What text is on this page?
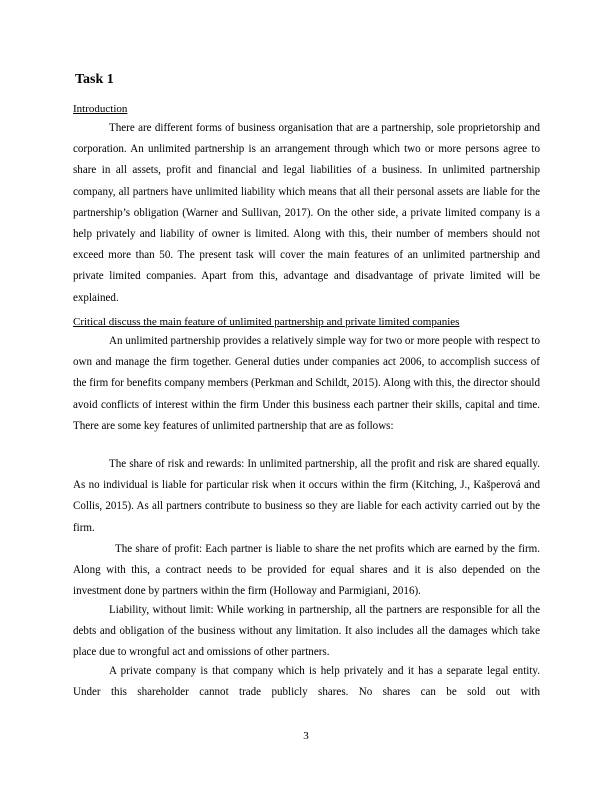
Task 1

Introduction

There are different forms of business organisation that are a partnership, sole proprietorship and corporation. An unlimited partnership is an arrangement through which two or more persons agree to share in all assets, profit and financial and legal liabilities of a business. In unlimited partnership company, all partners have unlimited liability which means that all their personal assets are liable for the partnership’s obligation (Warner and Sullivan, 2017). On the other side, a private limited company is a help privately and liability of owner is limited. Along with this, their number of members should not exceed more than 50. The present task will cover the main features of an unlimited partnership and private limited companies. Apart from this, advantage and disadvantage of private limited will be explained.

Critical discuss the main feature of unlimited partnership and private limited companies

An unlimited partnership provides a relatively simple way for two or more people with respect to own and manage the firm together. General duties under companies act 2006, to accomplish success of the firm for benefits company members (Perkman and Schildt, 2015). Along with this, the director should avoid conflicts of interest within the firm Under this business each partner their skills, capital and time. There are some key features of unlimited partnership that are as follows:

The share of risk and rewards: In unlimited partnership, all the profit and risk are shared equally. As no individual is liable for particular risk when it occurs within the firm (Kitching, J., Kašperová and Collis, 2015). As all partners contribute to business so they are liable for each activity carried out by the firm.

The share of profit: Each partner is liable to share the net profits which are earned by the firm. Along with this, a contract needs to be provided for equal shares and it is also depended on the investment done by partners within the firm (Holloway and Parmigiani, 2016).

Liability, without limit: While working in partnership, all the partners are responsible for all the debts and obligation of the business without any limitation. It also includes all the damages which take place due to wrongful act and omissions of other partners.

A private company is that company which is help privately and it has a separate legal entity. Under this shareholder cannot trade publicly shares. No shares can be sold out with

3
